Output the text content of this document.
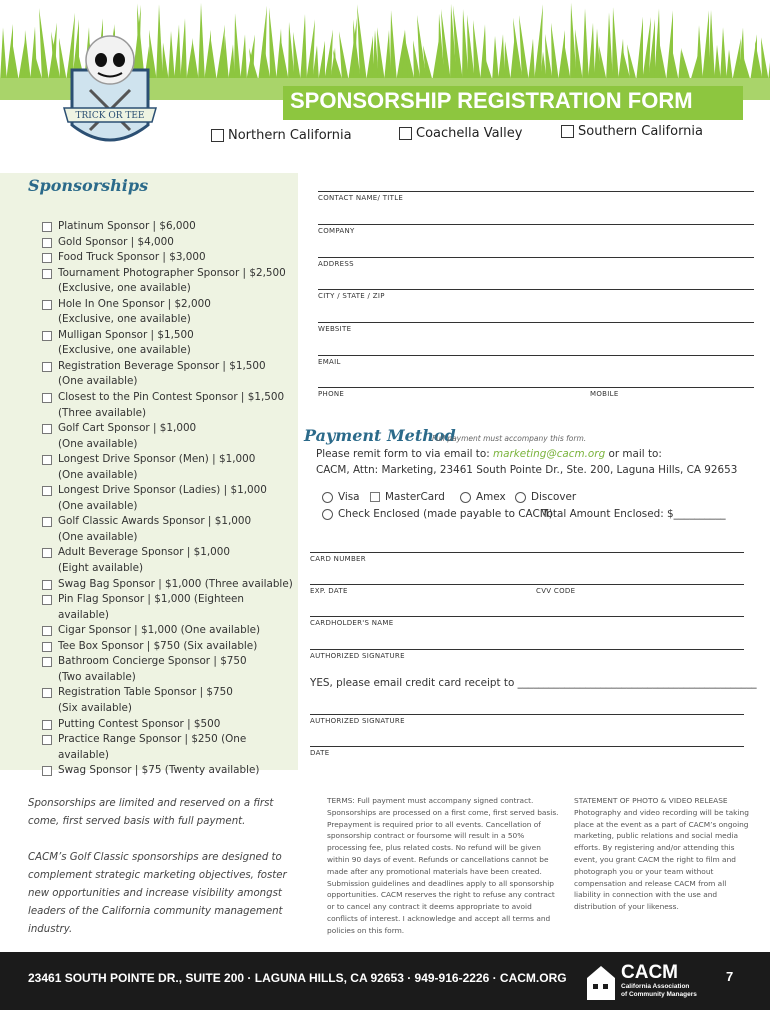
SPONSORSHIP REGISTRATION FORM
TRICK OR TEE
Northern California	Coachella Valley	Southern California
Sponsorships
Platinum Sponsor | $6,000
Gold Sponsor | $4,000
Food Truck Sponsor | $3,000
Tournament Photographer Sponsor | $2,500
(Exclusive, one available)
Hole In One Sponsor | $2,000
(Exclusive, one available)
Mulligan Sponsor | $1,500
(Exclusive, one available)
Registration Beverage Sponsor | $1,500
(One available)
Closest to the Pin Contest Sponsor | $1,500
(Three available)
Golf Cart Sponsor | $1,000
(One available)
Longest Drive Sponsor (Men) | $1,000
(One available)
Longest Drive Sponsor (Ladies) | $1,000
(One available)
Golf Classic Awards Sponsor | $1,000
(One available)
Adult Beverage Sponsor | $1,000
(Eight available)
Swag Bag Sponsor | $1,000 (Three available)
Pin Flag Sponsor | $1,000 (Eighteen available)
Cigar Sponsor | $1,000 (One available)
Tee Box Sponsor | $750 (Six available)
Bathroom Concierge Sponsor | $750
(Two available)
Registration Table Sponsor | $750
(Six available)
Putting Contest Sponsor | $500
Practice Range Sponsor | $250 (One available)
Swag Sponsor | $75 (Twenty available)
CONTACT NAME/ TITLE
COMPANY
ADDRESS
CITY / STATE / ZIP
WEBSITE
EMAIL
PHONE	MOBILE
Payment Method
Full payment must accompany this form.
Please remit form to via email to: marketing@cacm.org or mail to:
CACM, Attn: Marketing, 23461 South Pointe Dr., Ste. 200, Laguna Hills, CA 92653
Visa MasterCard	Amex Discover
Check Enclosed (made payable to CACM)
Total Amount Enclosed: $__________
CARD NUMBER
EXP. DATE	CVV CODE
CARDHOLDER'S NAME
AUTHORIZED SIGNATURE
AUTHORIZED SIGNATURE
DATE
YES, please email credit card receipt to ______________________________________________
Sponsorships are limited and reserved on a first come, first served basis with full payment.
CACM’s Golf Classic sponsorships are designed to complement strategic marketing objectives, foster new opportunities and increase visibility amongst leaders of the California community management industry.
TERMS: Full payment must accompany signed contract. Sponsorships are processed on a first come, first served basis. Prepayment is required prior to all events. Cancellation of sponsorship contract or foursome will result in a 50% processing fee, plus related costs. No refund will be given within 90 days of event. Refunds or cancellations cannot be made after any promotional materials have been created. Submission guidelines and deadlines apply to all sponsorship opportunities. CACM reserves the right to refuse any contract or to cancel any contract it deems appropriate to avoid conflicts of interest. I acknowledge and accept all terms and policies on this form.
STATEMENT OF PHOTO & VIDEO RELEASE Photography and video recording will be taking place at the event as a part of CACM’s ongoing marketing, public relations and social media efforts. By registering and/or attending this event, you grant CACM the right to film and photograph you or your team without compensation and release CACM from all liability in connection with the use and distribution of your likeness.
23461 SOUTH POINTE DR., SUITE 200 · LAGUNA HILLS, CA 92653 · 949-916-2226 · CACM.ORG	CACM
California Association
of Community Managers
7
